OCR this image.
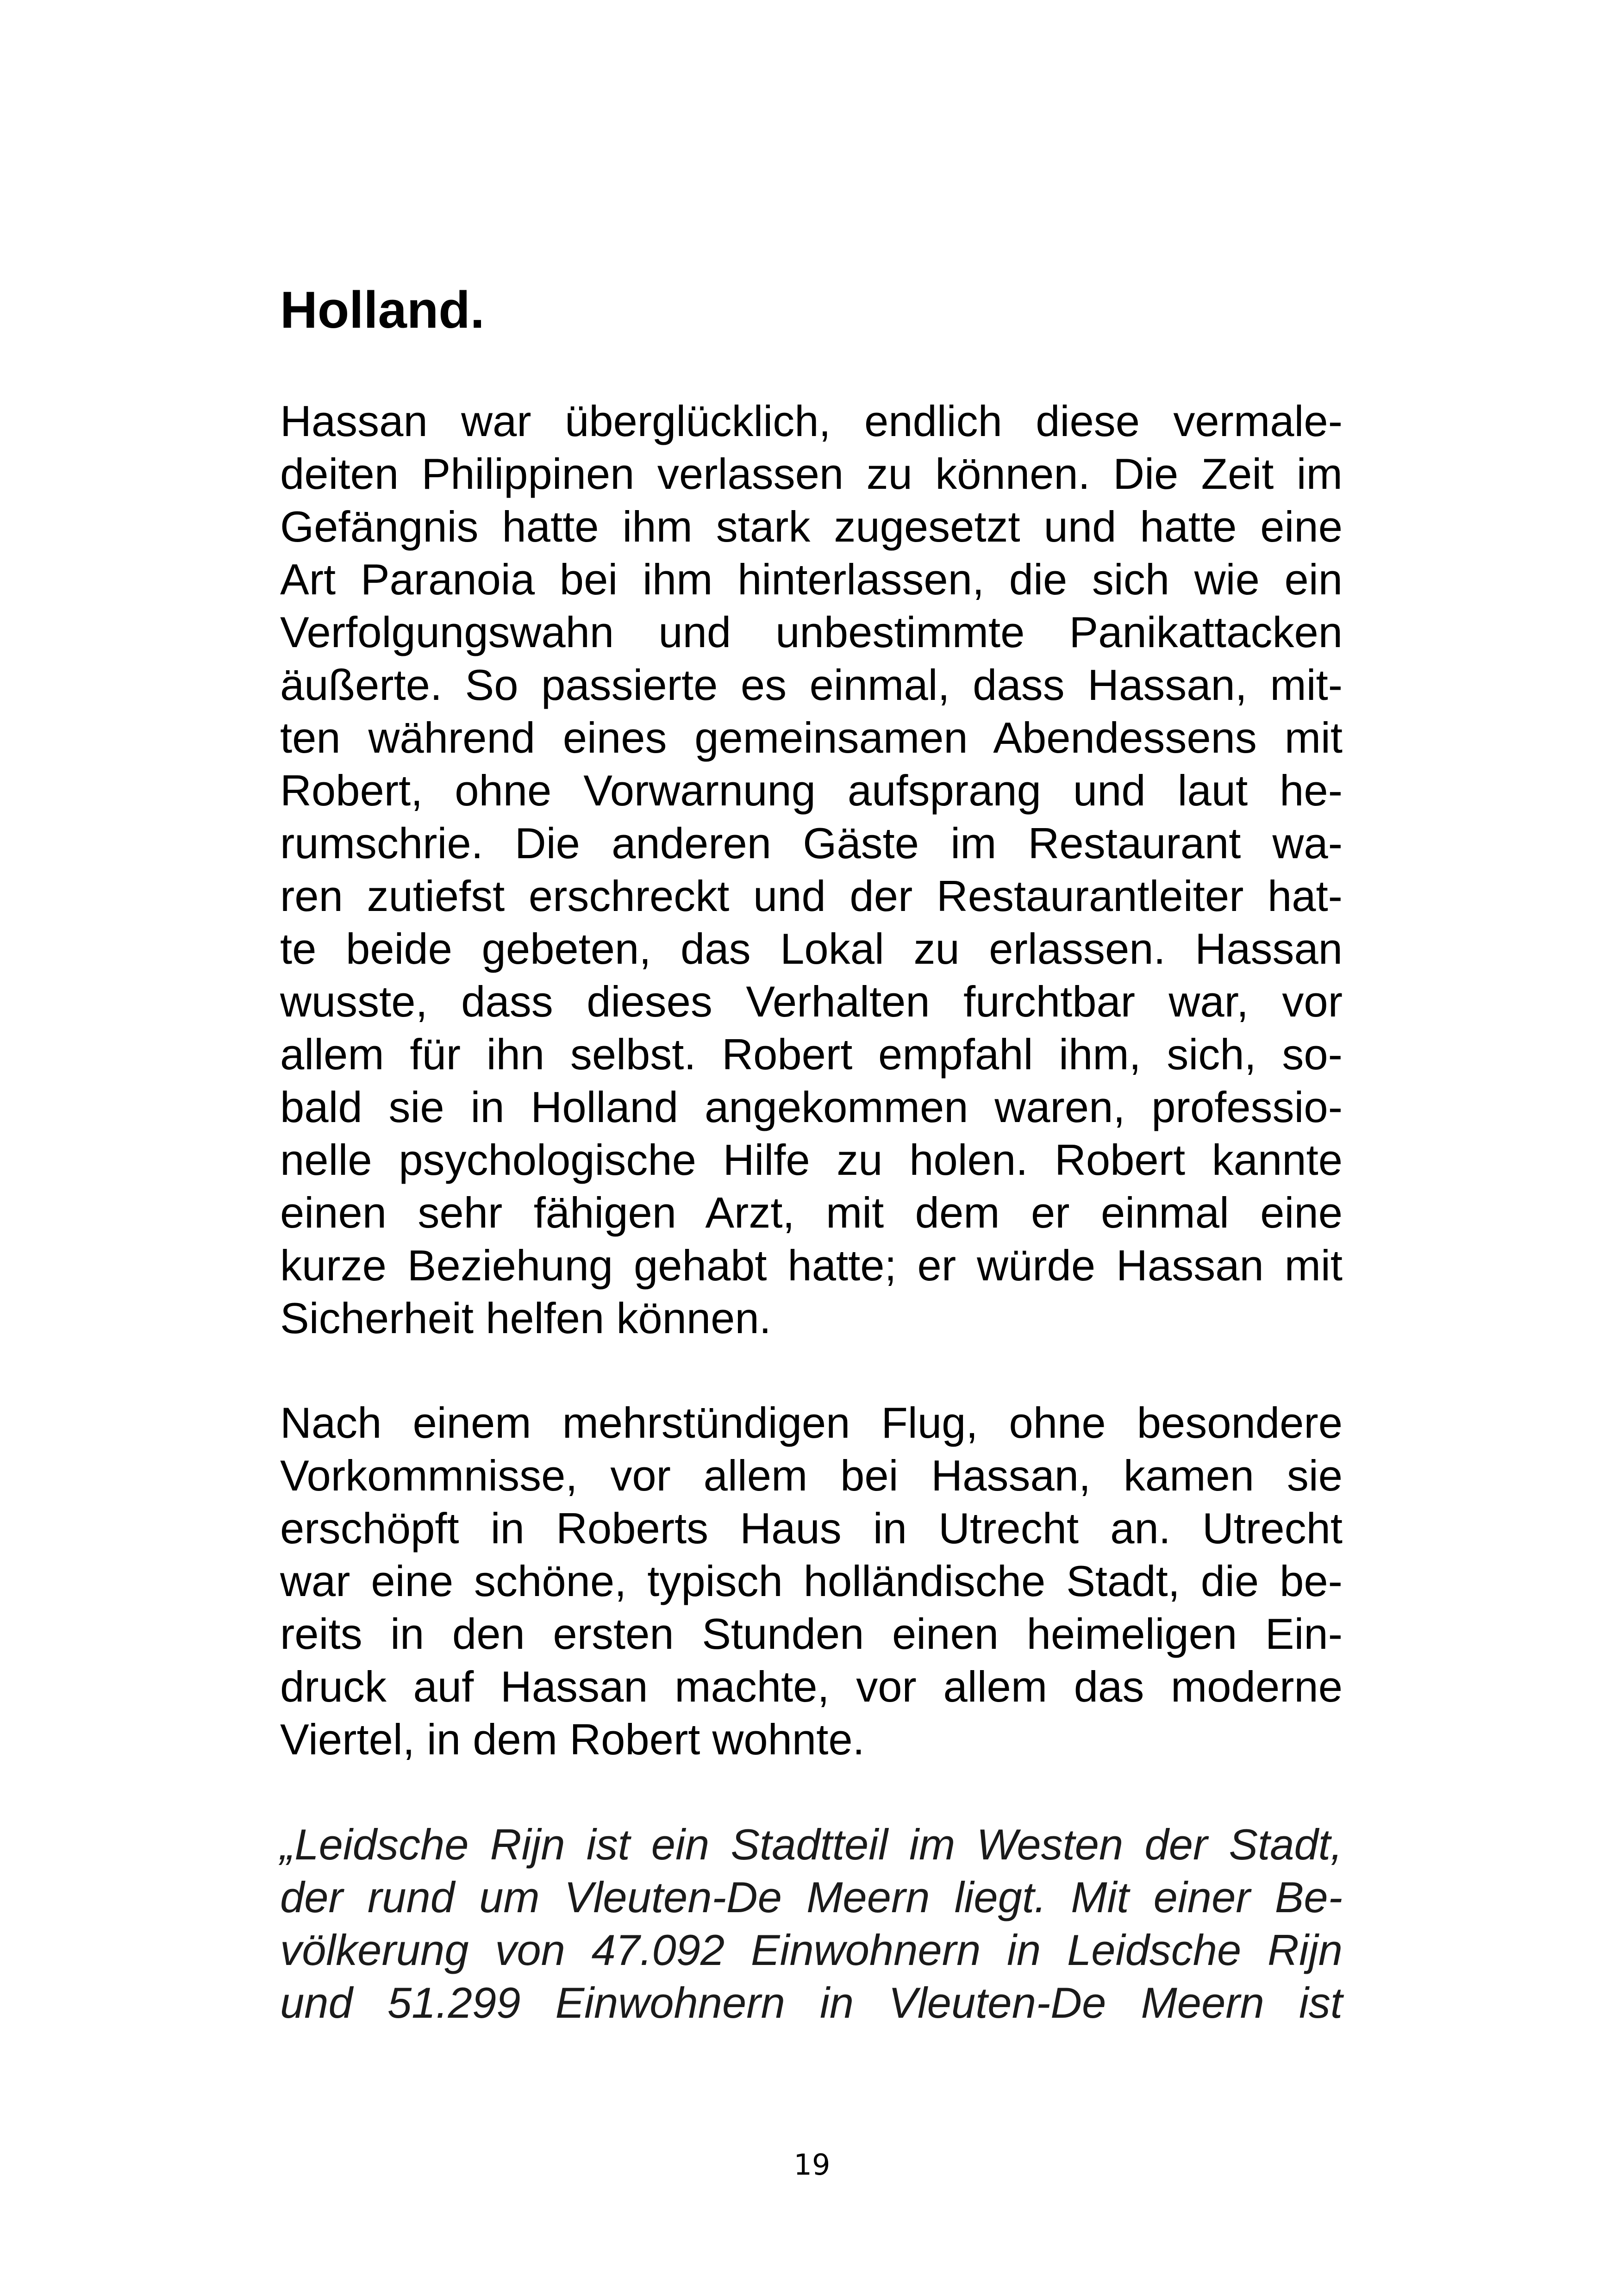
Holland.
Hassan war überglücklich, endlich diese vermale-
deiten Philippinen verlassen zu können. Die Zeit im
Gefängnis hatte ihm stark zugesetzt und hatte eine
Art Paranoia bei ihm hinterlassen, die sich wie ein
Verfolgungswahn und unbestimmte Panikattacken
äußerte. So passierte es einmal, dass Hassan, mit-
ten während eines gemeinsamen Abendessens mit
Robert, ohne Vorwarnung aufsprang und laut he-
rumschrie. Die anderen Gäste im Restaurant wa-
ren zutiefst erschreckt und der Restaurantleiter hat-
te beide gebeten, das Lokal zu erlassen. Hassan
wusste, dass dieses Verhalten furchtbar war, vor
allem für ihn selbst. Robert empfahl ihm, sich, so-
bald sie in Holland angekommen waren, professio-
nelle psychologische Hilfe zu holen. Robert kannte
einen sehr fähigen Arzt, mit dem er einmal eine
kurze Beziehung gehabt hatte; er würde Hassan mit
Sicherheit helfen können.
Nach einem mehrstündigen Flug, ohne besondere
Vorkommnisse, vor allem bei Hassan, kamen sie
erschöpft in Roberts Haus in Utrecht an. Utrecht
war eine schöne, typisch holländische Stadt, die be-
reits in den ersten Stunden einen heimeligen Ein-
druck auf Hassan machte, vor allem das moderne
Viertel, in dem Robert wohnte.
„Leidsche Rijn ist ein Stadtteil im Westen der Stadt,
der rund um Vleuten-De Meern liegt. Mit einer Be-
völkerung von 47.092 Einwohnern in Leidsche Rijn
und 51.299 Einwohnern in Vleuten-De Meern ist

19
